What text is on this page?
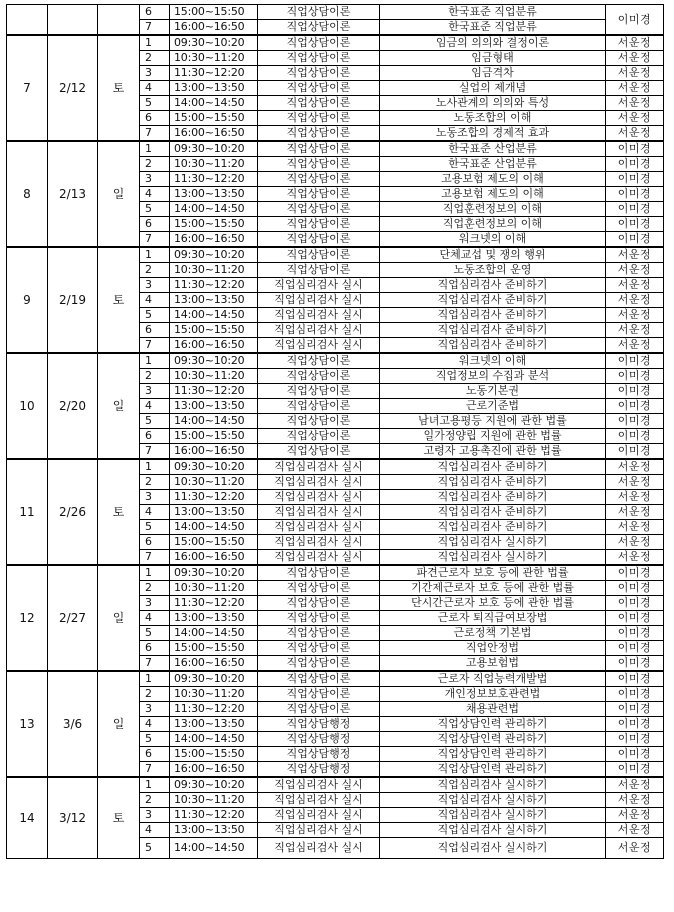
			6	15:00~15:50	직업상담이론	한국표준 직업분류	이미경
			7	16:00~16:50	직업상담이론	한국표준 직업분류	
7	2/12	토	1	09:30~10:20	직업상담이론	임금의 의의와 결정이론	서운정
			2	10:30~11:20	직업상담이론	임금형태	서운정
			3	11:30~12:20	직업상담이론	임금격차	서운정
			4	13:00~13:50	직업상담이론	실업의 제개념	서운정
			5	14:00~14:50	직업상담이론	노사관계의 의의와 특성	서운정
			6	15:00~15:50	직업상담이론	노동조합의 이해	서운정
			7	16:00~16:50	직업상담이론	노동조합의 경제적 효과	서운정
8	2/13	일	1	09:30~10:20	직업상담이론	한국표준 산업분류	이미경
			2	10:30~11:20	직업상담이론	한국표준 산업분류	이미경
			3	11:30~12:20	직업상담이론	고용보험 제도의 이해	이미경
			4	13:00~13:50	직업상담이론	고용보험 제도의 이해	이미경
			5	14:00~14:50	직업상담이론	직업훈련정보의 이해	이미경
			6	15:00~15:50	직업상담이론	직업훈련정보의 이해	이미경
			7	16:00~16:50	직업상담이론	워크넷의 이해	이미경
9	2/19	토	1	09:30~10:20	직업상담이론	단체교섭 및 쟁의 행위	서운정
			2	10:30~11:20	직업상담이론	노동조합의 운영	서운정
			3	11:30~12:20	직업심리검사 실시	직업심리검사 준비하기	서운정
			4	13:00~13:50	직업심리검사 실시	직업심리검사 준비하기	서운정
			5	14:00~14:50	직업심리검사 실시	직업심리검사 준비하기	서운정
			6	15:00~15:50	직업심리검사 실시	직업심리검사 준비하기	서운정
			7	16:00~16:50	직업심리검사 실시	직업심리검사 준비하기	서운정
10	2/20	일	1	09:30~10:20	직업상담이론	워크넷의 이해	이미경
			2	10:30~11:20	직업상담이론	직업정보의 수집과 분석	이미경
			3	11:30~12:20	직업상담이론	노동기본권	이미경
			4	13:00~13:50	직업상담이론	근로기준법	이미경
			5	14:00~14:50	직업상담이론	남녀고용평등 지원에 관한 법률	이미경
			6	15:00~15:50	직업상담이론	일가정양립 지원에 관한 법률	이미경
			7	16:00~16:50	직업상담이론	고령자 고용촉진에 관한 법률	이미경
11	2/26	토	1	09:30~10:20	직업심리검사 실시	직업심리검사 준비하기	서운정
			2	10:30~11:20	직업심리검사 실시	직업심리검사 준비하기	서운정
			3	11:30~12:20	직업심리검사 실시	직업심리검사 준비하기	서운정
			4	13:00~13:50	직업심리검사 실시	직업심리검사 준비하기	서운정
			5	14:00~14:50	직업심리검사 실시	직업심리검사 준비하기	서운정
			6	15:00~15:50	직업심리검사 실시	직업심리검사 실시하기	서운정
			7	16:00~16:50	직업심리검사 실시	직업심리검사 실시하기	서운정
12	2/27	일	1	09:30~10:20	직업상담이론	파견근로자 보호 등에 관한 법률	이미경
			2	10:30~11:20	직업상담이론	기간제근로자 보호 등에 관한 법률	이미경
			3	11:30~12:20	직업상담이론	단시간근로자 보호 등에 관한 법률	이미경
			4	13:00~13:50	직업상담이론	근로자 퇴직급여보장법	이미경
			5	14:00~14:50	직업상담이론	근로정책 기본법	이미경
			6	15:00~15:50	직업상담이론	직업안정법	이미경
			7	16:00~16:50	직업상담이론	고용보험법	이미경
13	3/6	일	1	09:30~10:20	직업상담이론	근로자 직업능력개발법	이미경
			2	10:30~11:20	직업상담이론	개인정보보호관련법	이미경
			3	11:30~12:20	직업상담이론	채용관련법	이미경
			4	13:00~13:50	직업상담행정	직업상담인력 관리하기	이미경
			5	14:00~14:50	직업상담행정	직업상담인력 관리하기	이미경
			6	15:00~15:50	직업상담행정	직업상담인력 관리하기	이미경
			7	16:00~16:50	직업상담행정	직업상담인력 관리하기	이미경
14	3/12	토	1	09:30~10:20	직업심리검사 실시	직업심리검사 실시하기	서운정
			2	10:30~11:20	직업심리검사 실시	직업심리검사 실시하기	서운정
			3	11:30~12:20	직업심리검사 실시	직업심리검사 실시하기	서운정
			4	13:00~13:50	직업심리검사 실시	직업심리검사 실시하기	서운정
			5	14:00~14:50	직업심리검사 실시	직업심리검사 실시하기	서운정
